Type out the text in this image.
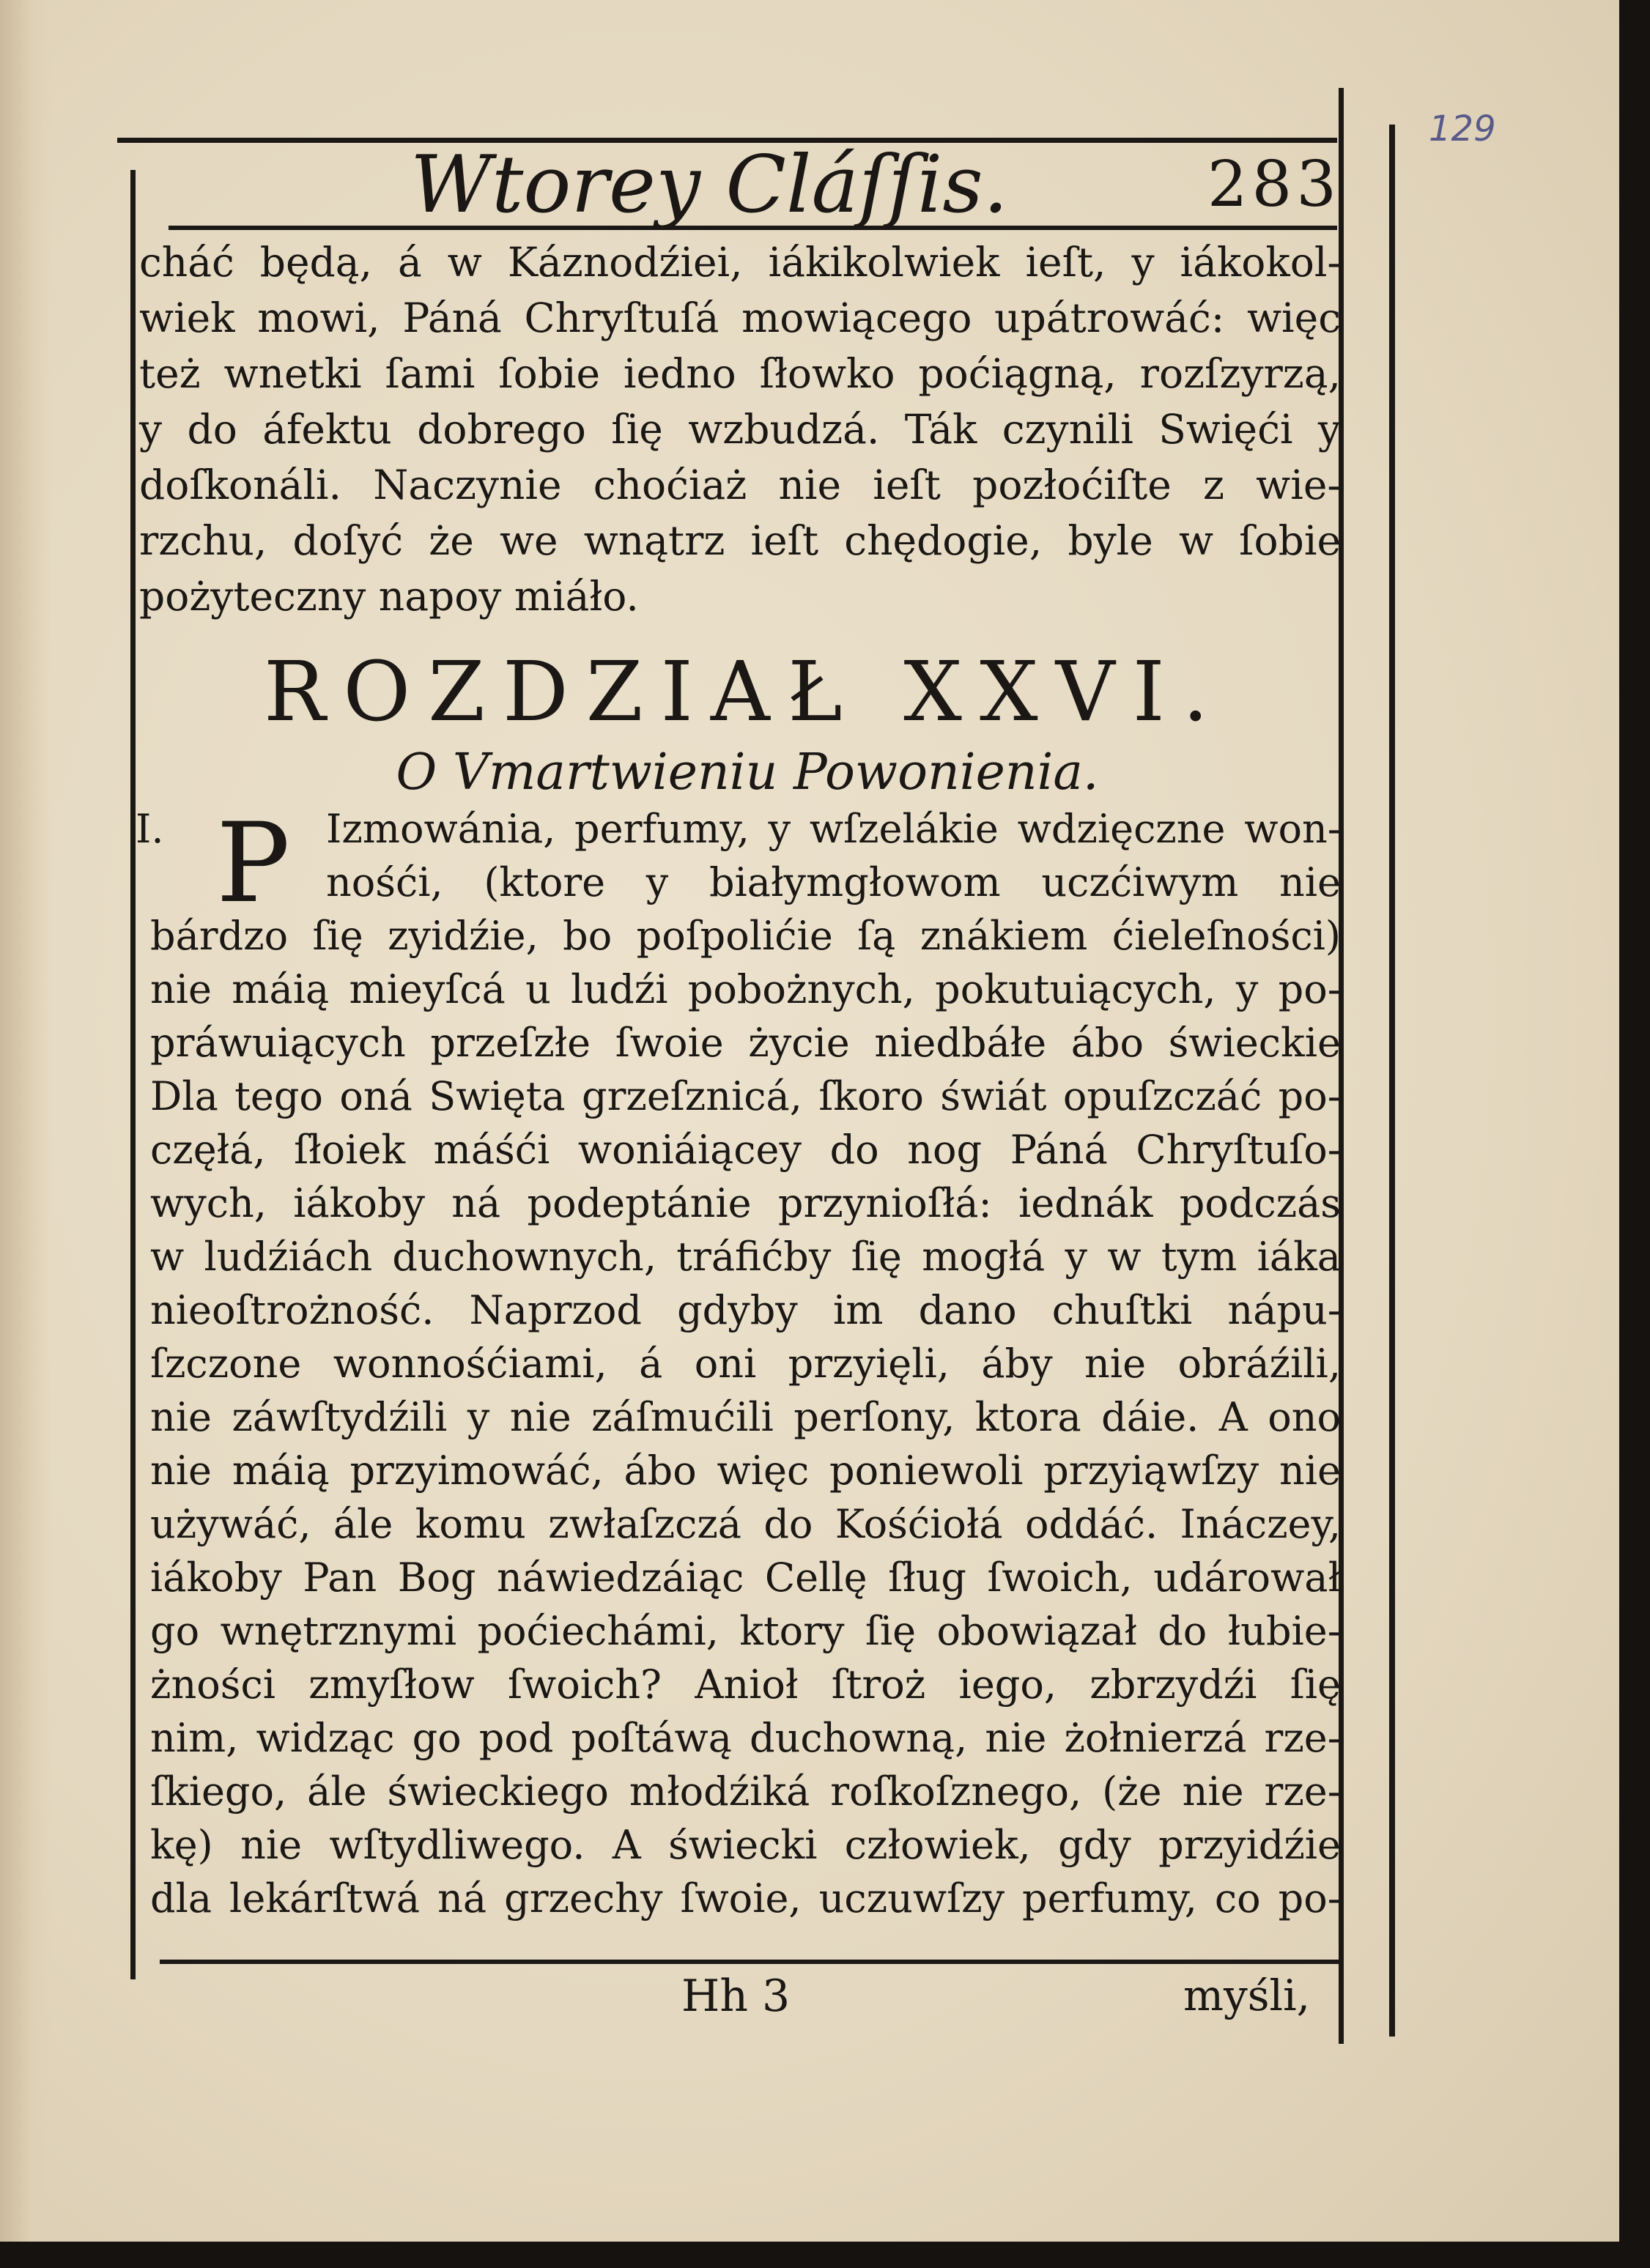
129
Wtorey Cláſſis.	283
cháć będą, á w Káznodźiei, iákikolwiek ieſt, y iákokol-
wiek mowi, Páná Chryſtuſá mowiącego upátrowáć: więc
też wnetki ſami ſobie iedno ſłowko poćiągną, rozſzyrzą,
y do áfektu dobrego ſię wzbudzá. Ták czynili Swięći y
doſkonáli. Naczynie choćiaż nie ieſt pozłoćiſte z wie-
rzchu, doſyć że we wnątrz ieſt chędogie, byle w ſobie
pożyteczny napoy miáło.
ROZDZIAŁ XXVI.
O Vmartwieniu Powonienia.
I. P Izmowánia, perfumy, y wſzelákie wdzięczne won-
nośći, (ktore y białymgłowom uczćiwym nie
bárdzo ſię zyidźie, bo poſpolićie ſą znákiem ćieleſności)
nie máią mieyſcá u ludźi pobożnych, pokutuiących, y po-
práwuiących przeſzłe ſwoie życie niedbáłe ábo świeckie
Dla tego oná Swięta grzeſznicá, ſkoro świát opuſzczáć po-
częłá, ſłoiek máśći woniáiącey do nog Páná Chryſtuſo-
wych, iákoby ná podeptánie przynioſłá: iednák podczás
w ludźiách duchownych, tráfićby ſię mogłá y w tym iáka
nieoſtrożność. Naprzod gdyby im dano chuſtki nápu-
ſzczone wonnośćiami, á oni przyięli, áby nie obráźili,
nie záwſtydźili y nie záſmućili perſony, ktora dáie. A ono
nie máią przyimowáć, ábo więc poniewoli przyiąwſzy nie
używáć, ále komu zwłaſzczá do Kośćiołá oddáć. Ináczey,
iákoby Pan Bog náwiedzáiąc Cellę ſług ſwoich, udárował
go wnętrznymi poćiechámi, ktory ſię obowiązał do łubie-
żności zmyſłow ſwoich? Anioł ſtroż iego, zbrzydźi ſię
nim, widząc go pod poſtáwą duchowną, nie żołnierzá rze-
ſkiego, ále świeckiego młodźiká roſkoſznego, (że nie rze-
kę) nie wſtydliwego. A świecki człowiek, gdy przyidźie
dla lekárſtwá ná grzechy ſwoie, uczuwſzy perfumy, co po-
Hh 3	myśli,
